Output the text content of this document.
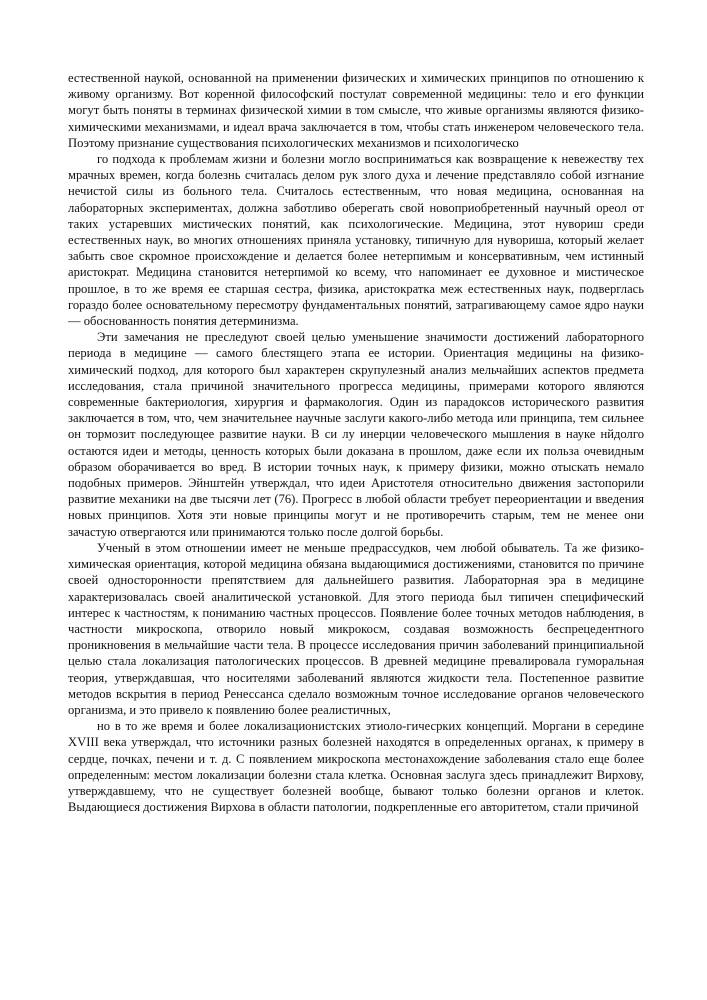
естественной наукой, основанной на применении физических и химических принципов по отношению к живому организму. Вот коренной философский постулат современной медицины: тело и его функции могут быть поняты в терминах физической химии в том смысле, что живые организмы являются физико-химическими механизмами, и идеал врача заключается в том, чтобы стать инженером человеческого тела. Поэтому признание существования психологических механизмов и психологическо

го подхода к проблемам жизни и болезни могло восприниматься как возвращение к невежеству тех мрачных времен, когда болезнь считалась делом рук злого духа и лечение представляло собой изгнание нечистой силы из больного тела. Считалось естественным, что новая медицина, основанная на лабораторных экспериментах, должна заботливо оберегать свой новоприобретенный научный ореол от таких устаревших мистических понятий, как психологические. Медицина, этот нувориш среди естественных наук, во многих отношениях приняла установку, типичную для нувориша, который желает забыть свое скромное происхождение и делается более нетерпимым и консервативным, чем истинный аристократ. Медицина становится нетерпимой ко всему, что напоминает ее духовное и мистическое прошлое, в то же время ее старшая сестра, физика, аристократка меж естественных наук, подверглась гораздо более основательному пересмотру фундаментальных понятий, затрагивающему самое ядро науки — обоснованность понятия детерминизма.

Эти замечания не преследуют своей целью уменьшение значимости достижений лабораторного периода в медицине — самого блестящего этапа ее истории. Ориентация медицины на физико-химический подход, для которого был характерен скрупулезный анализ мельчайших аспектов предмета исследования, стала причиной значительного прогресса медицины, примерами которого являются современные бактериология, хирургия и фармакология. Один из парадоксов исторического развития заключается в том, что, чем значительнее научные заслуги какого-либо метода или принципа, тем сильнее он тормозит последующее развитие науки. В си лу инерции человеческого мышления в науке нйдолго остаются идеи и методы, ценность которых были доказана в прошлом, даже если их польза очевидным образом оборачивается во вред. В истории точных наук, к примеру физики, можно отыскать немало подобных примеров. Эйнштейн утверждал, что идеи Аристотеля относительно движения застопорили развитие механики на две тысячи лет (76). Прогресс в любой области требует переориентации и введения новых принципов. Хотя эти новые принципы могут и не противоречить старым, тем не менее они зачастую отвергаются или принимаются только после долгой борьбы.

Ученый в этом отношении имеет не меньше предрассудков, чем любой обыватель. Та же физико-химическая ориентация, которой медицина обязана выдающимися достижениями, становится по причине своей односторонности препятствием для дальнейшего развития. Лабораторная эра в медицине характеризовалась своей аналитической установкой. Для этого периода был типичен специфический интерес к частностям, к пониманию частных процессов. Появление более точных методов наблюдения, в частности микроскопа, отворило новый микрокосм, создавая возможность беспрецедентного проникновения в мельчайшие части тела. В процессе исследования причин заболеваний принципиальной целью стала локализация патологических процессов. В древней медицине превалировала гуморальная теория, утверждавшая, что носителями заболеваний являются жидкости тела. Постепенное развитие методов вскрытия в период Ренессанса сделало возможным точное исследование органов человеческого организма, и это привело к появлению более реалистичных,

но в то же время и более локализационистских этиоло-гичесрких концепций. Моргани в середине XVIII века утверждал, что источники разных болезней находятся в определенных органах, к примеру в сердце, почках, печени и т. д. С появлением микроскопа местонахождение заболевания стало еще более определенным: местом локализации болезни стала клетка. Основная заслуга здесь принадлежит Вирхову, утверждавшему, что не существует болезней вообще, бывают только болезни органов и клеток. Выдающиеся достижения Вирхова в области патологии, подкрепленные его авторитетом, стали причиной
